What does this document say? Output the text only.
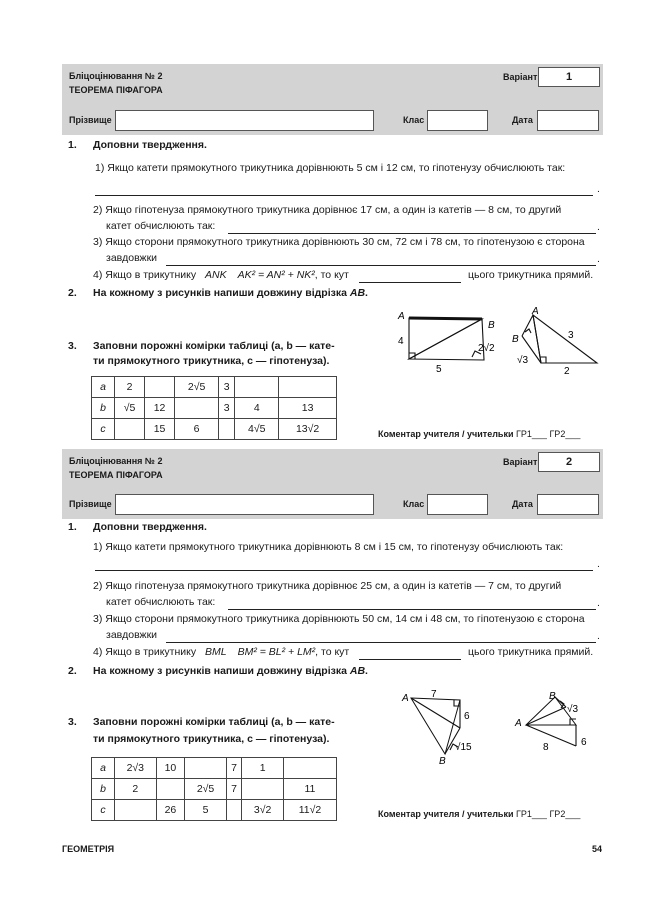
Бліцоцінювання № 2
ТЕОРЕМА ПІФАГОРА
Варіант	1
Прізвище	Клас	Дата
1. Доповни твердження.
1) Якщо катети прямокутного трикутника дорівнюють 5 см і 12 см, то гіпотенузу обчислюють так:
.
2) Якщо гіпотенуза прямокутного трикутника дорівнює 17 см, а один із катетів — 8 см, то другий
катет обчислюють так:	.
3) Якщо сторони прямокутного трикутника дорівнюють 30 см, 72 см і 78 см, то гіпотенузою є сторона
завдовжки	.
4) Якщо в трикутнику ANK AK² = AN² + NK², то кут	цього трикутника прямий.
2. На кожному з рисунків напиши довжину відрізка AB.
A
B
4
5
2√2
A
B	3
2
√3
3. Заповни порожні комірки таблиці (a, b — кате-
ти прямокутного трикутника, c — гіпотенуза).
a	2		2√5	3		
b	√5	12		3	4	13
c		15	6		4√5	13√2	Коментар учителя / учительки ГР1___ ГР2___
Бліцоцінювання № 2
ТЕОРЕМА ПІФАГОРА
Варіант	2
Прізвище	Клас	Дата
1. Доповни твердження.
1) Якщо катети прямокутного трикутника дорівнюють 8 см і 15 см, то гіпотенузу обчислюють так:
.
2) Якщо гіпотенуза прямокутного трикутника дорівнює 25 см, а один із катетів — 7 см, то другий
катет обчислюють так:	.
3) Якщо сторони прямокутного трикутника дорівнюють 50 см, 14 см і 48 см, то гіпотенузою є сторона
завдовжки	.
4) Якщо в трикутнику BML BM² = BL² + LM², то кут	цього трикутника прямий.
2. На кожному з рисунків напиши довжину відрізка AB.
A
B
7
6
√15
B
A
√3
6
8
3. Заповни порожні комірки таблиці (a, b — кате-
ти прямокутного трикутника, c — гіпотенуза).
a	2√3	10		7	1	
b	2		2√5	7		11
c		26	5		3√2	11√2	Коментар учителя / учительки ГР1___ ГР2___
ГЕОМЕТРІЯ	54
